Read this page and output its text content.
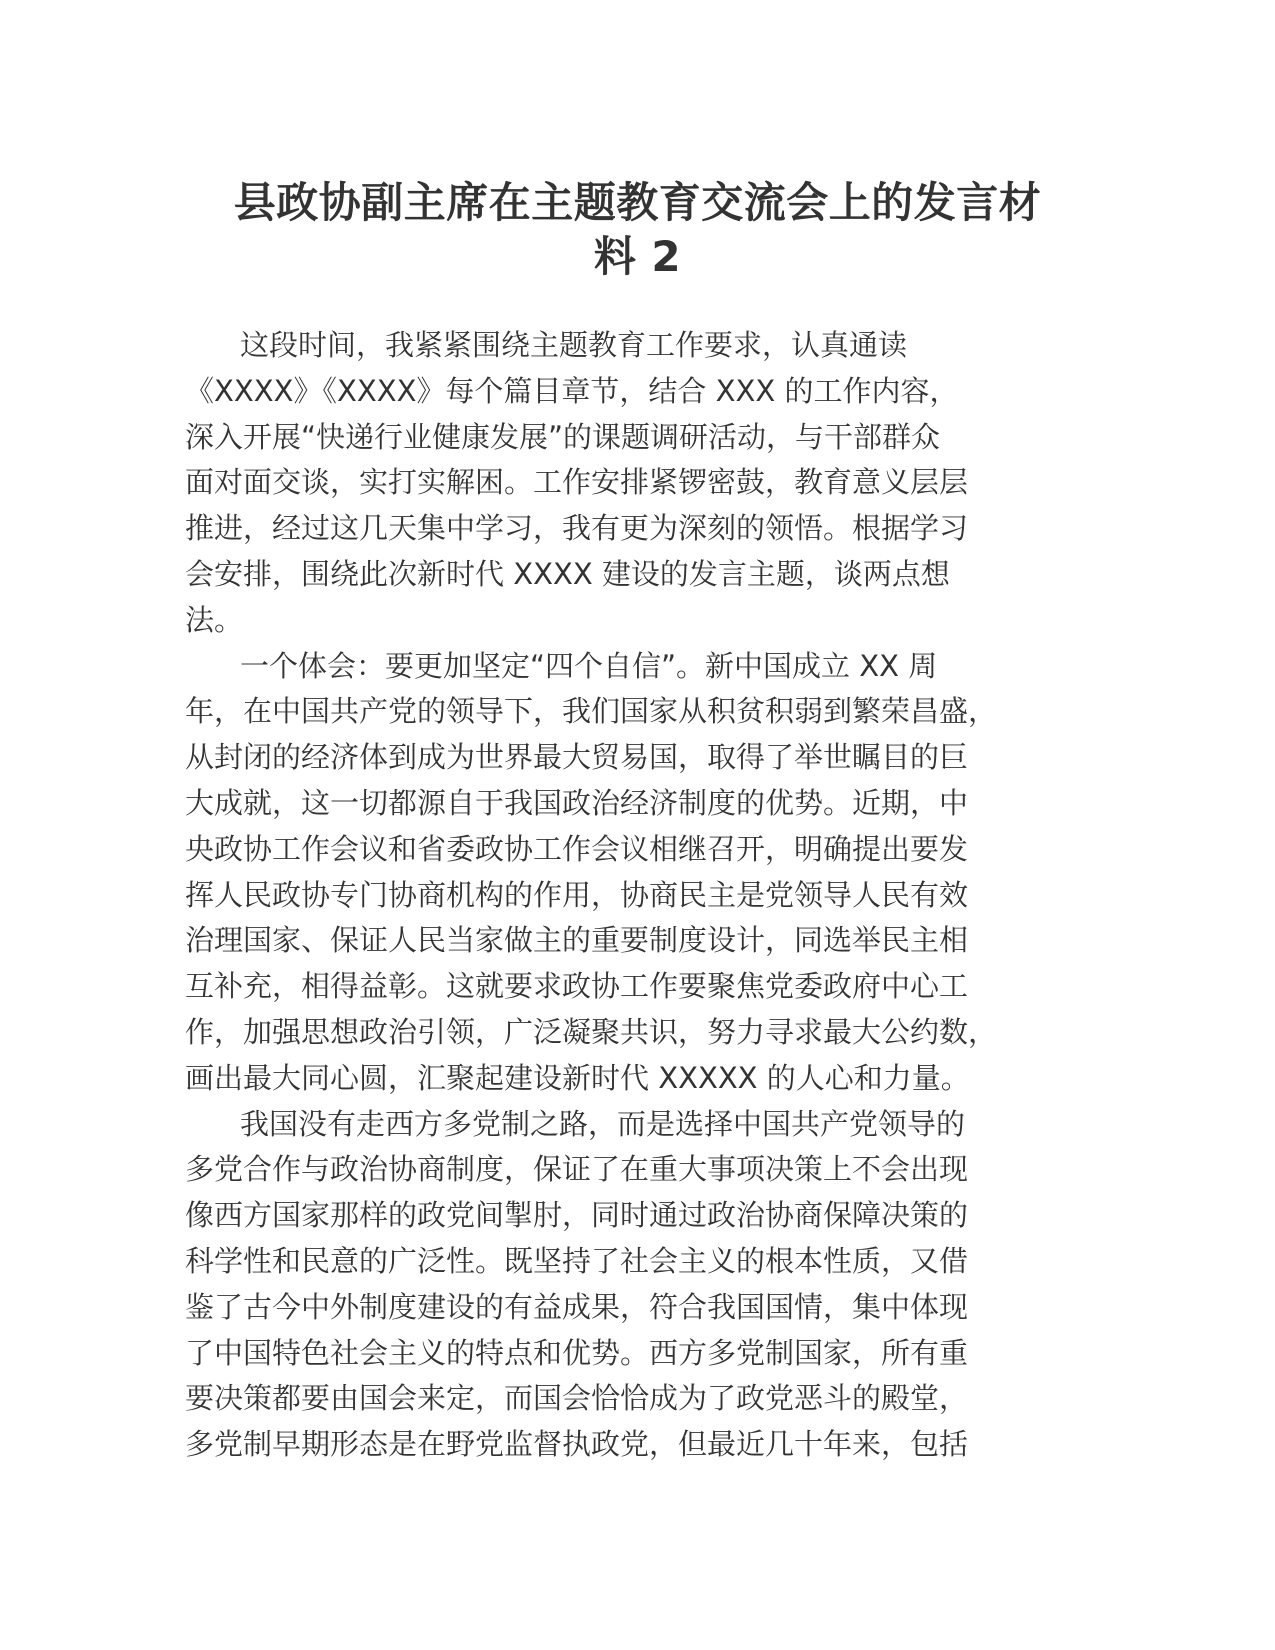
县政协副主席在主题教育交流会上的发言材
料 2
这段时间，我紧紧围绕主题教育工作要求，认真通读
《XXXX》《XXXX》每个篇目章节，结合 XXX 的工作内容，
深入开展“快递行业健康发展”的课题调研活动，与干部群众
面对面交谈，实打实解困。工作安排紧锣密鼓，教育意义层层
推进，经过这几天集中学习，我有更为深刻的领悟。根据学习
会安排，围绕此次新时代 XXXX 建设的发言主题，谈两点想
法。
一个体会：要更加坚定“四个自信”。新中国成立 XX 周
年，在中国共产党的领导下，我们国家从积贫积弱到繁荣昌盛，
从封闭的经济体到成为世界最大贸易国，取得了举世瞩目的巨
大成就，这一切都源自于我国政治经济制度的优势。近期，中
央政协工作会议和省委政协工作会议相继召开，明确提出要发
挥人民政协专门协商机构的作用，协商民主是党领导人民有效
治理国家、保证人民当家做主的重要制度设计，同选举民主相
互补充，相得益彰。这就要求政协工作要聚焦党委政府中心工
作，加强思想政治引领，广泛凝聚共识，努力寻求最大公约数，
画出最大同心圆，汇聚起建设新时代 XXXXX 的人心和力量。
我国没有走西方多党制之路，而是选择中国共产党领导的
多党合作与政治协商制度，保证了在重大事项决策上不会出现
像西方国家那样的政党间掣肘，同时通过政治协商保障决策的
科学性和民意的广泛性。既坚持了社会主义的根本性质，又借
鉴了古今中外制度建设的有益成果，符合我国国情，集中体现
了中国特色社会主义的特点和优势。西方多党制国家，所有重
要决策都要由国会来定，而国会恰恰成为了政党恶斗的殿堂，
多党制早期形态是在野党监督执政党，但最近几十年来，包括
